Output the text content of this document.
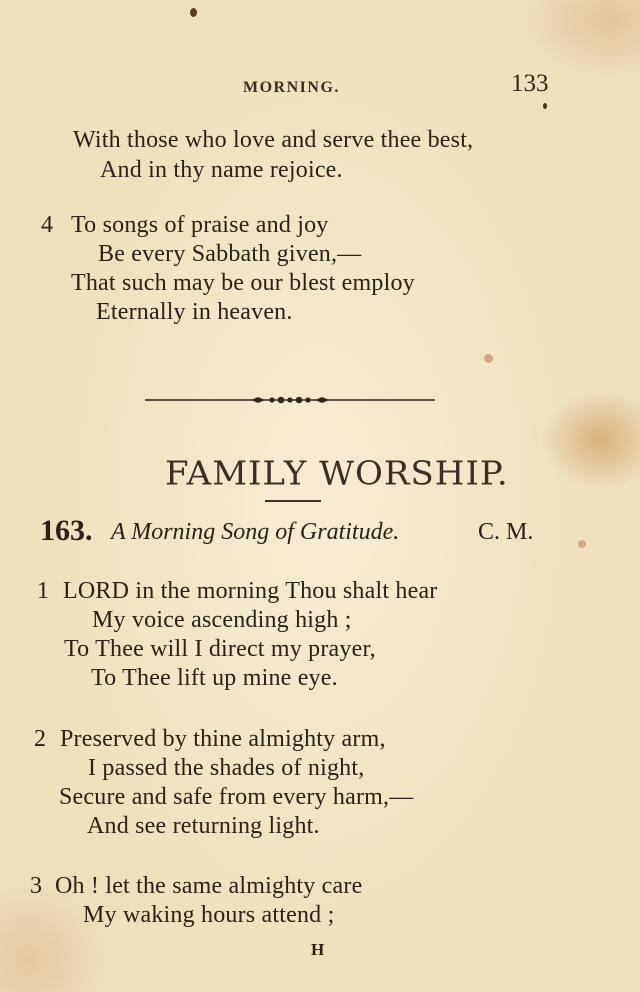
MORNING.	133
With those who love and serve thee best,
And in thy name rejoice.
4 To songs of praise and joy
Be every Sabbath given,—
That such may be our blest employ
Eternally in heaven.
FAMILY WORSHIP.
163. A Morning Song of Gratitude.	C. M.
1 LORD in the morning Thou shalt hear
My voice ascending high ;
To Thee will I direct my prayer,
To Thee lift up mine eye.
2 Preserved by thine almighty arm,
I passed the shades of night,
Secure and safe from every harm,—
And see returning light.
3 Oh ! let the same almighty care
My waking hours attend ;
H
